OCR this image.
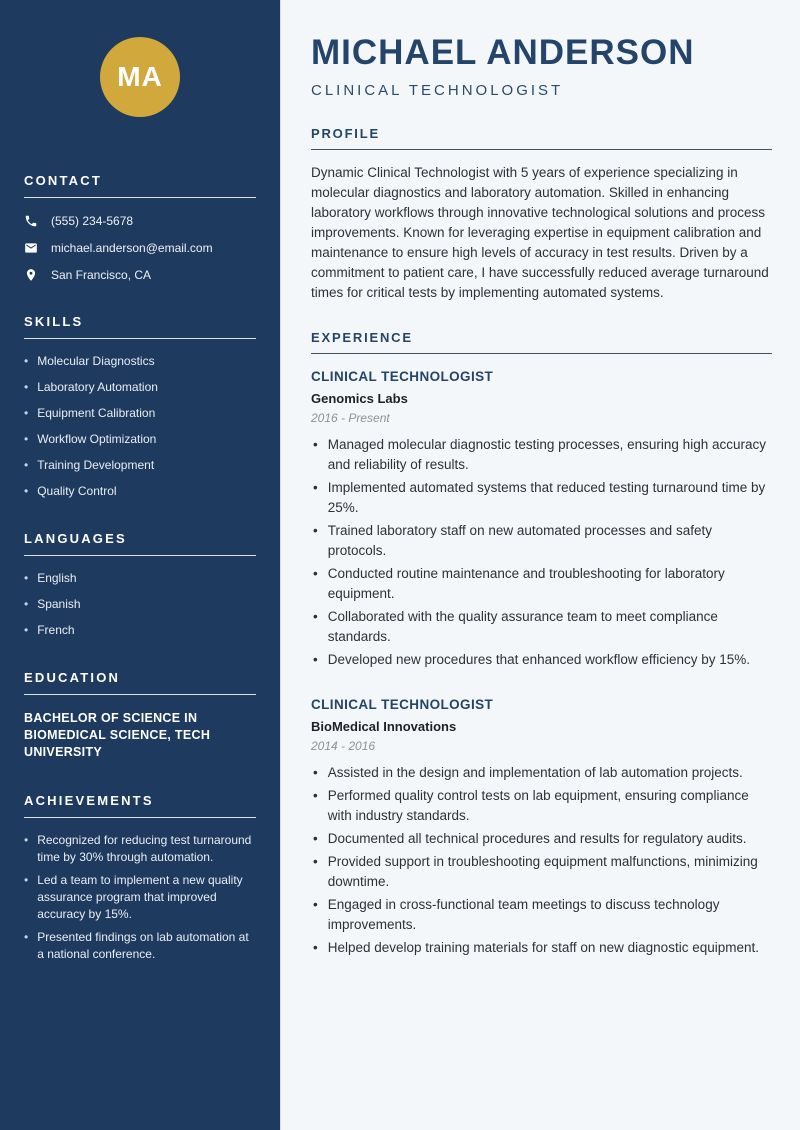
MA
CONTACT
(555) 234-5678
michael.anderson@email.com
San Francisco, CA
SKILLS
• Molecular Diagnostics
• Laboratory Automation
• Equipment Calibration
• Workflow Optimization
• Training Development
• Quality Control
LANGUAGES
• English
• Spanish
• French
EDUCATION

BACHELOR OF SCIENCE IN BIOMEDICAL SCIENCE, TECH UNIVERSITY

ACHIEVEMENTS
• Recognized for reducing test turnaround time by 30% through automation.
• Led a team to implement a new quality assurance program that improved accuracy by 15%.
• Presented findings on lab automation at a national conference.
MICHAEL ANDERSON
CLINICAL TECHNOLOGIST
PROFILE

Dynamic Clinical Technologist with 5 years of experience specializing in molecular diagnostics and laboratory automation. Skilled in enhancing laboratory workflows through innovative technological solutions and process improvements. Known for leveraging expertise in equipment calibration and maintenance to ensure high levels of accuracy in test results. Driven by a commitment to patient care, I have successfully reduced average turnaround times for critical tests by implementing automated systems.

EXPERIENCE
CLINICAL TECHNOLOGIST
Genomics Labs
2016 - Present
• Managed molecular diagnostic testing processes, ensuring high accuracy and reliability of results.
• Implemented automated systems that reduced testing turnaround time by 25%.
• Trained laboratory staff on new automated processes and safety protocols.
• Conducted routine maintenance and troubleshooting for laboratory equipment.
• Collaborated with the quality assurance team to meet compliance standards.
• Developed new procedures that enhanced workflow efficiency by 15%.
CLINICAL TECHNOLOGIST
BioMedical Innovations
2014 - 2016
• Assisted in the design and implementation of lab automation projects.
• Performed quality control tests on lab equipment, ensuring compliance with industry standards.
• Documented all technical procedures and results for regulatory audits.
• Provided support in troubleshooting equipment malfunctions, minimizing downtime.
• Engaged in cross-functional team meetings to discuss technology improvements.
• Helped develop training materials for staff on new diagnostic equipment.
